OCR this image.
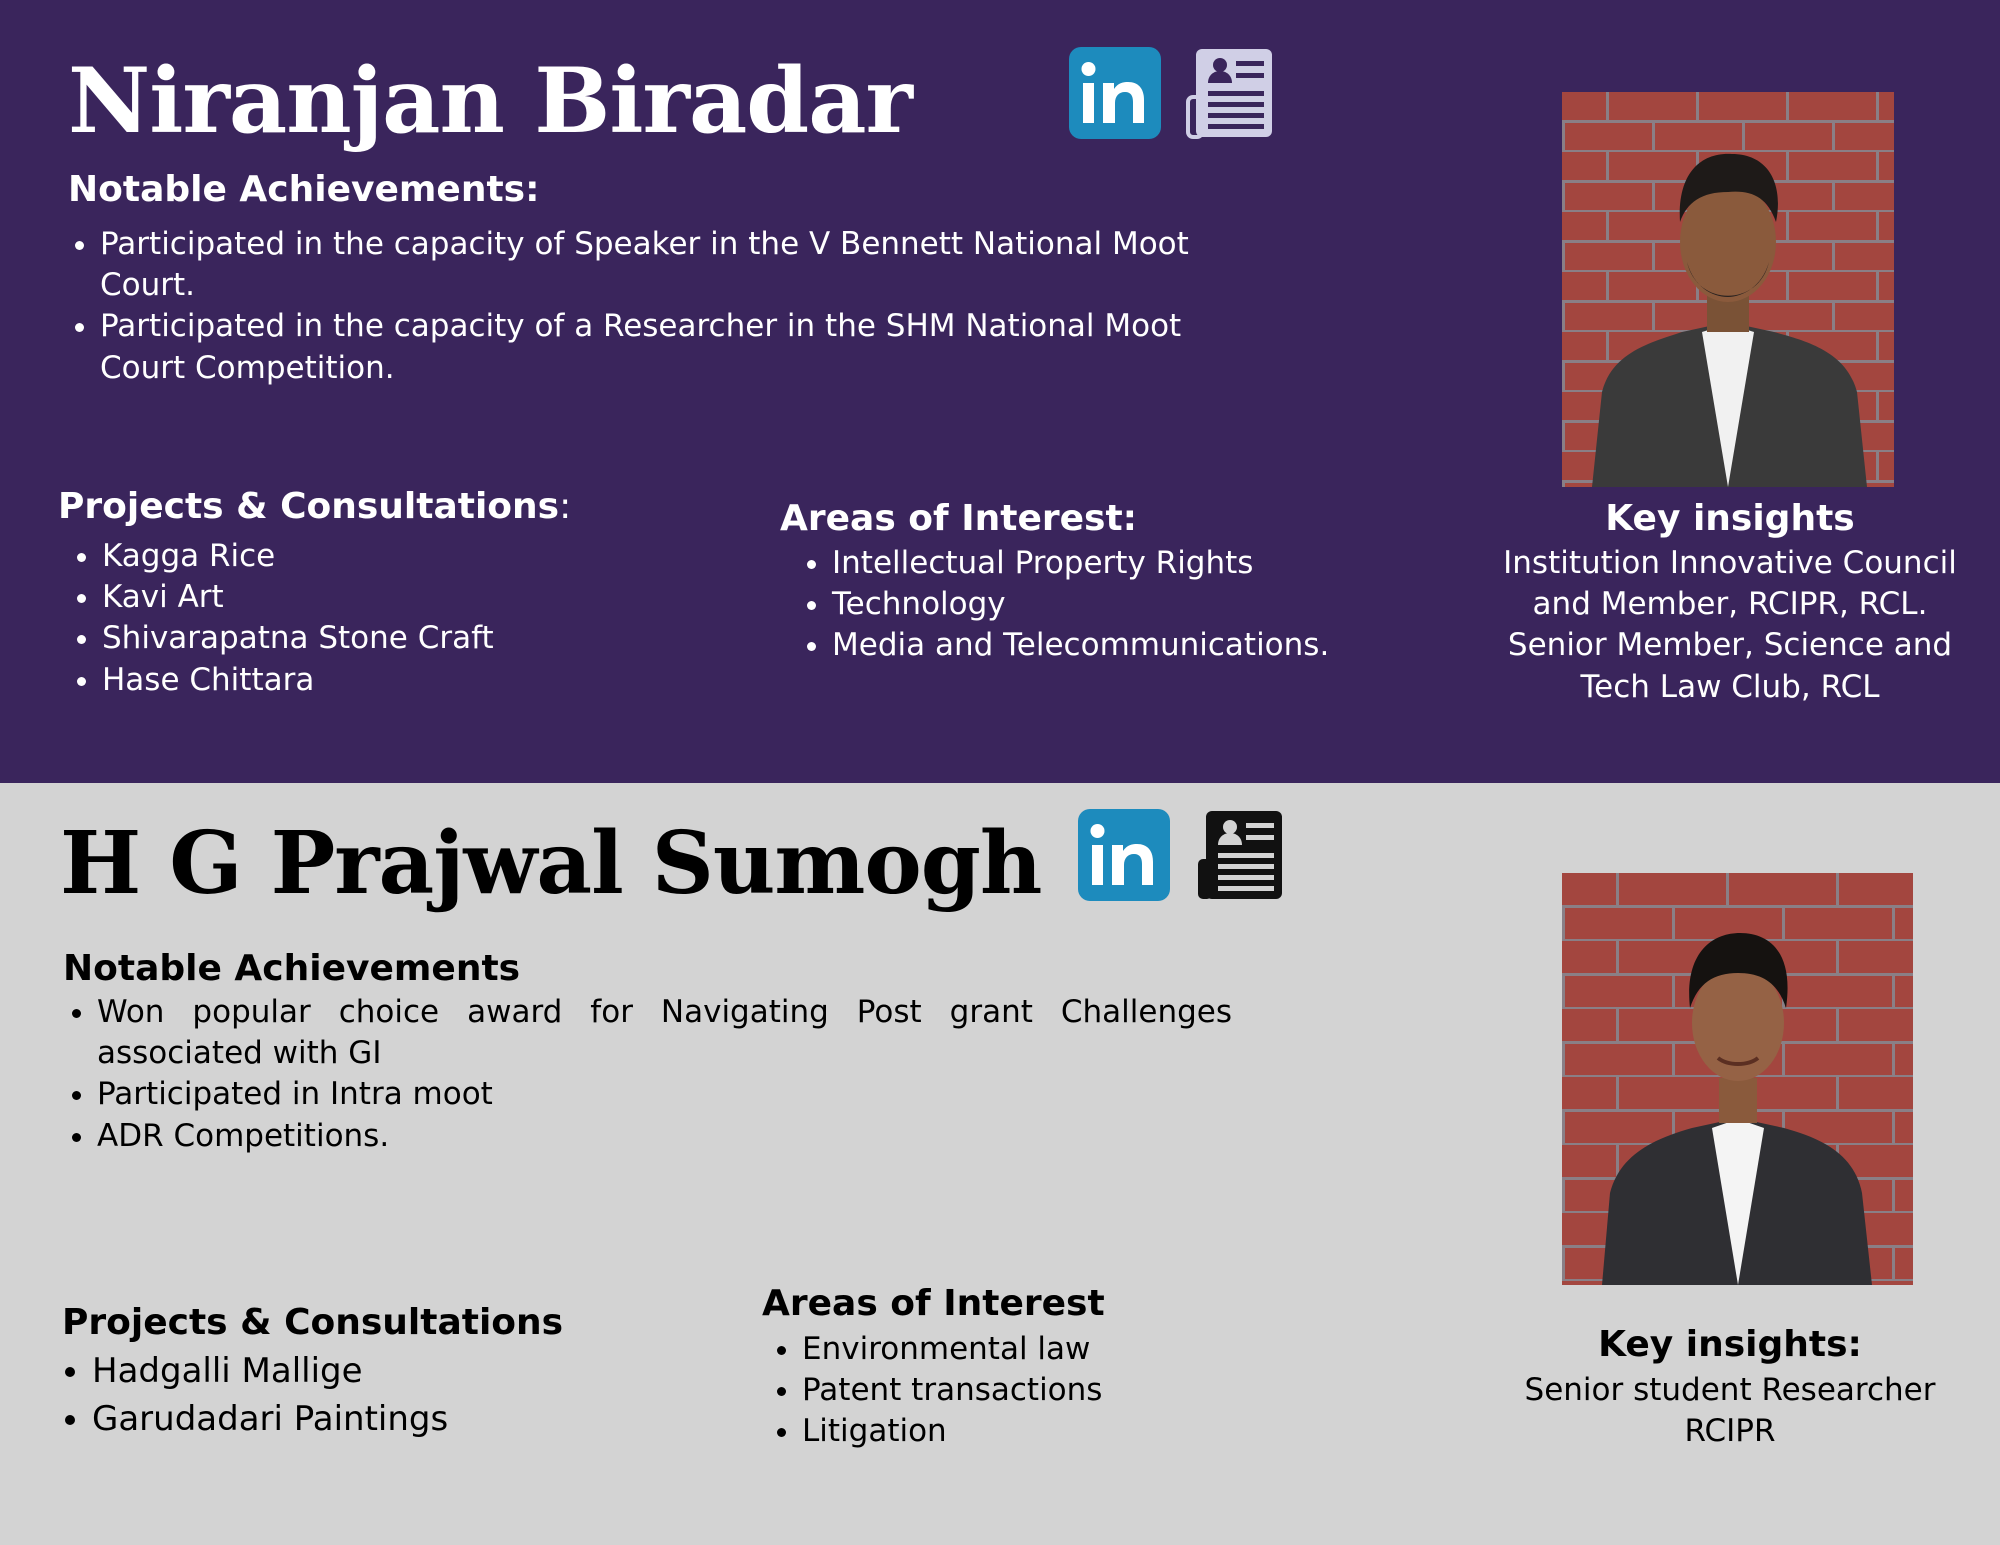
Niranjan Biradar
Notable Achievements:
• Participated in the capacity of Speaker in the V Bennett National Moot Court.
• Participated in the capacity of a Researcher in the SHM National Moot Court Competition.
Projects & Consultations:
• Kagga Rice
• Kavi Art
• Shivarapatna Stone Craft
• Hase Chittara
Areas of Interest:
• Intellectual Property Rights
• Technology
• Media and Telecommunications.
Key insights
Institution Innovative Council
and Member, RCIPR, RCL.
Senior Member, Science and
Tech Law Club, RCL
H G Prajwal Sumogh
Notable Achievements
• Won popular choice award for Navigating Post grant Challenges associated with GI
• Participated in Intra moot
• ADR Competitions.
Projects & Consultations
• Hadgalli Mallige
• Garudadari Paintings
Areas of Interest
• Environmental law
• Patent transactions
• Litigation
Key insights:
Senior student Researcher
RCIPR
